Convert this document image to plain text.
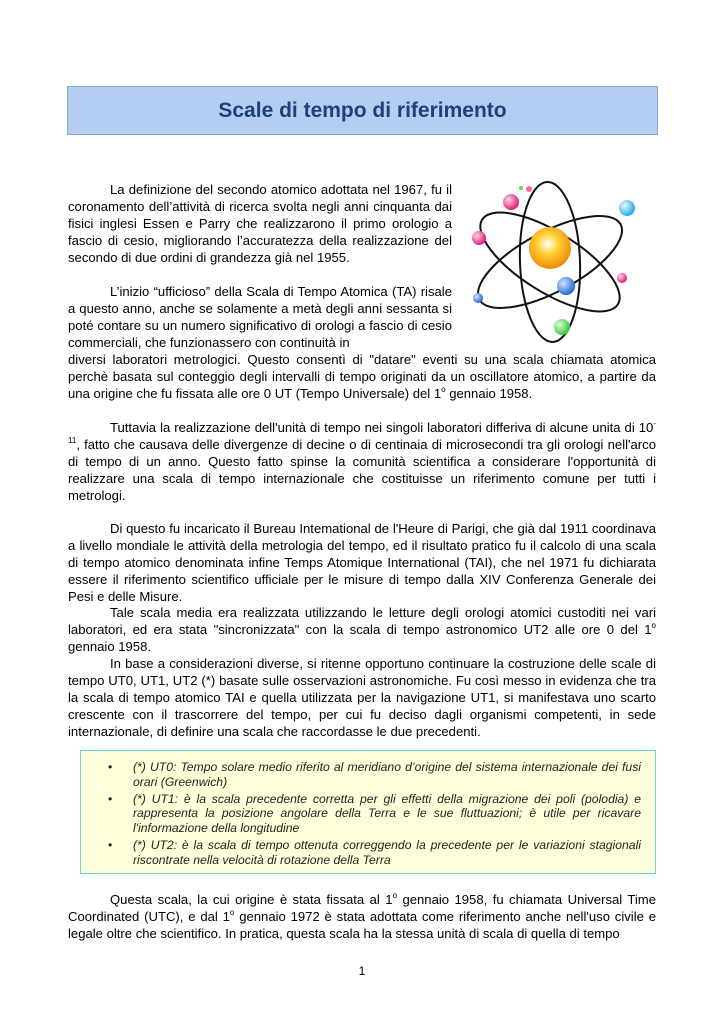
Scale di tempo di riferimento

La definizione del secondo atomico adottata nel 1967, fu il coronamento dell’attività di ricerca svolta negli anni cinquanta dai fisici inglesi Essen e Parry che realizzarono il primo orologio a fascio di cesio, migliorando l’accuratezza della realizzazione del secondo di due ordini di grandezza già nel 1955.

L’inizio “ufficioso” della Scala di Tempo Atomica (TA) risale a questo anno, anche se solamente a metà degli anni sessanta si poté contare su un numero significativo di orologi a fascio di cesio commerciali, che funzionassero con continuità in

diversi laboratori metrologici. Questo consentì di "datare" eventi su una scala chiamata atomica perchè basata sul conteggio degli intervalli di tempo originati da un oscillatore atomico, a partire da una origine che fu fissata alle ore 0 UT (Tempo Universale) del 1$^o$ gennaio 1958.

Tuttavia la realizzazione dell'unità di tempo nei singoli laboratori differiva di alcune unita di $10^{-11}$, fatto che causava delle divergenze di decine o di centinaia di microsecondi tra gli orologi nell'arco di tempo di un anno. Questo fatto spinse la comunità scientifica a considerare l'opportunità di realizzare una scala di tempo internazionale che costituisse un riferimento comune per tutti i metrologi.

Di questo fu incaricato il Bureau Intemational de l'Heure di Parigi, che già dal 1911 coordinava a livello mondiale le attività della metrologia del tempo, ed il risultato pratico fu il calcolo di una scala di tempo atomico denominata infine Temps Atomique International (TAI), che nel 1971 fu dichiarata essere il riferimento scientifico ufficiale per le misure di tempo dalla XIV Conferenza Generale dei Pesi e delle Misure.

Tale scala media era realizzata utilizzando le letture degli orologi atomici custoditi nei vari laboratori, ed era stata "sincronizzata" con la scala di tempo astronomico UT2 alle ore 0 del 1$^o$ gennaio 1958.

In base a considerazioni diverse, si ritenne opportuno continuare la costruzione delle scale di tempo UT0, UT1, UT2 (*) basate sulle osservazioni astronomiche. Fu così messo in evidenza che tra la scala di tempo atomico TAI e quella utilizzata per la navigazione UT1, si manifestava uno scarto crescente con il trascorrere del tempo, per cui fu deciso dagli organismi competenti, in sede internazionale, di definire una scala che raccordasse le due precedenti.

• (*) UT0: Tempo solare medio riferito al meridiano d’origine del sistema internazionale dei fusi orari (Greenwich)
• (*) UT1: è la scala precedente corretta per gli effetti della migrazione dei poli (polodia) e rappresenta la posizione angolare della Terra e le sue fluttuazioni; è utile per ricavare l'informazione della longitudine
• (*) UT2: è la scala di tempo ottenuta correggendo la precedente per le variazioni stagionali riscontrate nella velocità di rotazione della Terra

Questa scala, la cui origine è stata fissata al 1$^o$ gennaio 1958, fu chiamata Universal Time Coordinated (UTC), e dal 1$^o$ gennaio 1972 è stata adottata come riferimento anche nell'uso civile e legale oltre che scientifico. In pratica, questa scala ha la stessa unità di scala di quella di tempo

1
